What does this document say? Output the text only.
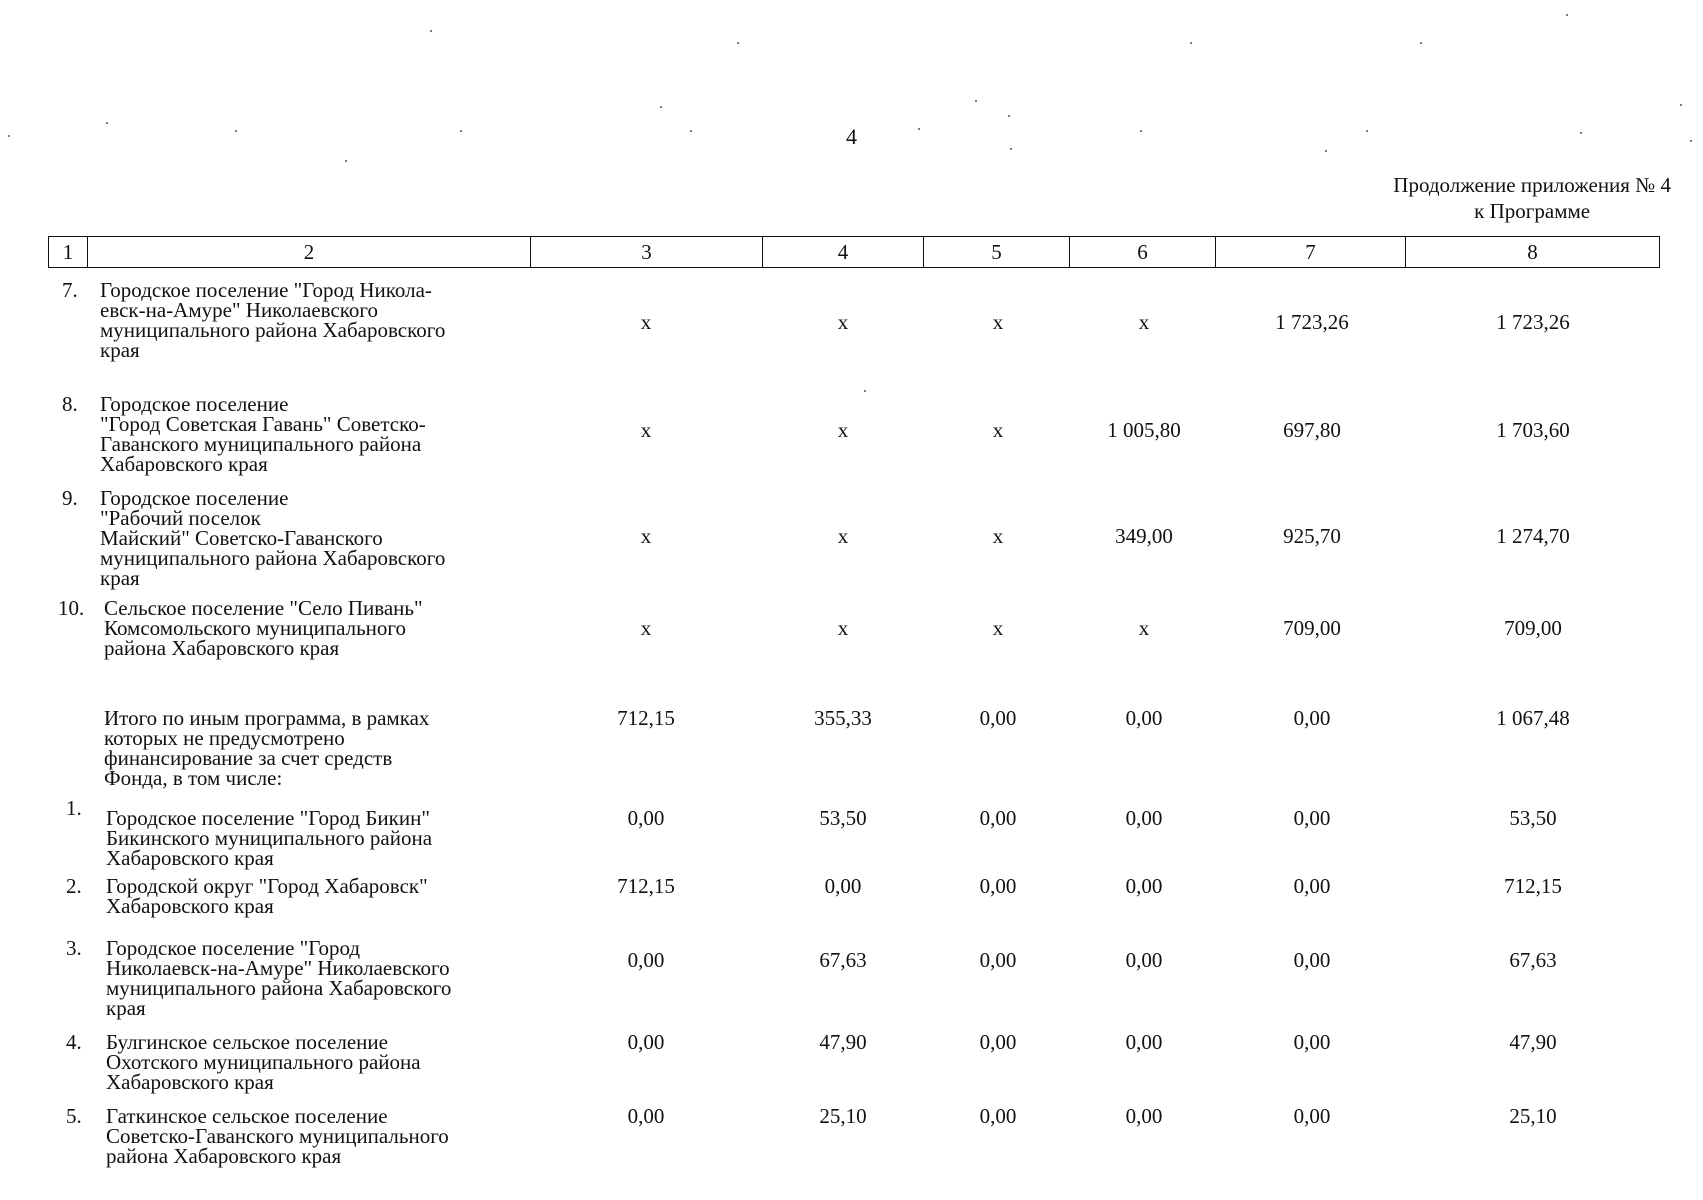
4
Продолжение приложения № 4
к Программе
1	2	3	4	5	6	7	8
7. Городское поселение "Город Никола-
евск-на-Амуре" Николаевского
муниципального района Хабаровского
края
x	x	x	x	1 723,26	1 723,26
8. Городское поселение
"Город Советская Гавань" Советско-
Гаванского муниципального района
Хабаровского края
x	x	x	1 005,80	697,80	1 703,60
9. Городское поселение
"Рабочий поселок
Майский" Советско-Гаванского
муниципального района Хабаровского
края
x	x	x	349,00	925,70	1 274,70
10. Сельское поселение "Село Пивань"
Комсомольского муниципального
района Хабаровского края
x	x	x	x	709,00	709,00
Итого по иным программа, в рамках
которых не предусмотрено
финансирование за счет средств
Фонда, в том числе:
712,15	355,33	0,00	0,00	0,00	1 067,48
1. Городское поселение "Город Бикин"
Бикинского муниципального района
Хабаровского края
0,00	53,50	0,00	0,00	0,00	53,50
2. Городской округ "Город Хабаровск"
Хабаровского края
712,15	0,00	0,00	0,00	0,00	712,15
3. Городское поселение "Город
Николаевск-на-Амуре" Николаевского
муниципального района Хабаровского
края
0,00	67,63	0,00	0,00	0,00	67,63
4. Булгинское сельское поселение
Охотского муниципального района
Хабаровского края
0,00	47,90	0,00	0,00	0,00	47,90
5. Гаткинское сельское поселение
Советско-Гаванского муниципального
района Хабаровского края
0,00	25,10	0,00	0,00	0,00	25,10
